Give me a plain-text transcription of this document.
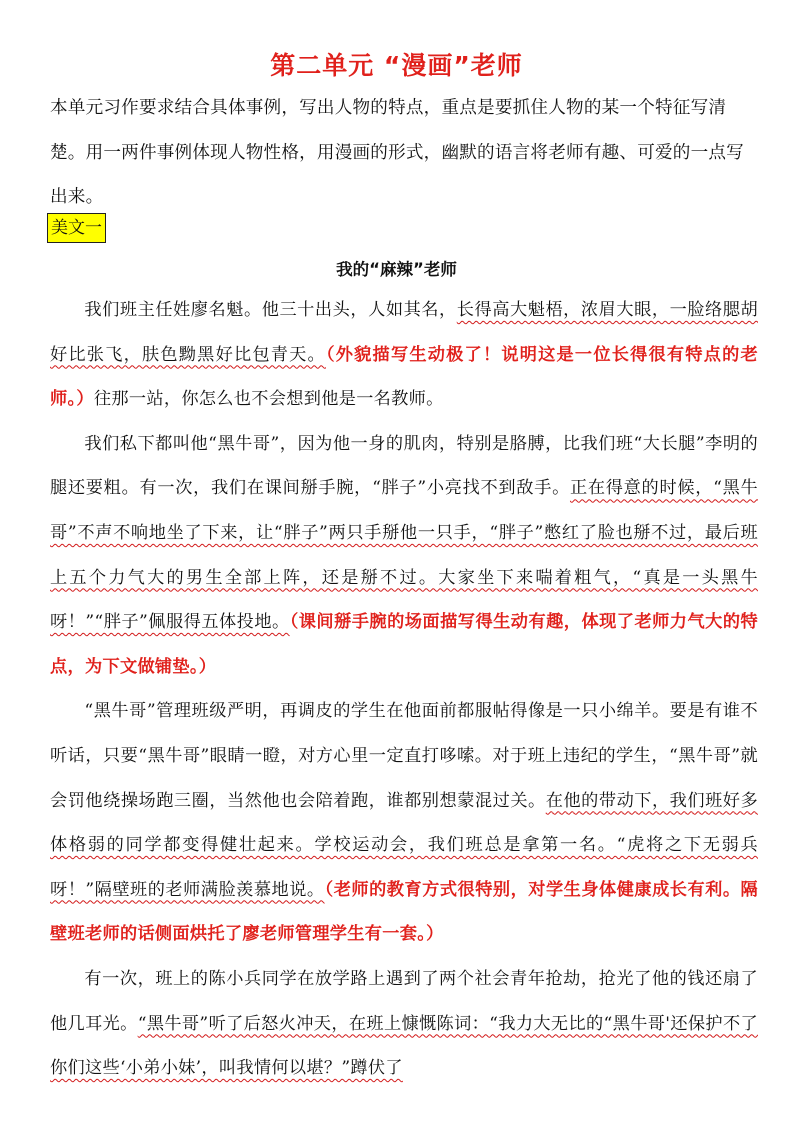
第二单元 “漫画”老师
本单元习作要求结合具体事例，写出人物的特点，重点是要抓住人物的某一个特征写清楚。用一两件事例体现人物性格，用漫画的形式，幽默的语言将老师有趣、可爱的一点写出来。
美文一
我的“麻辣”老师

我们班主任姓廖名魁。他三十出头，人如其名，长得高大魁梧，浓眉大眼，一脸络腮胡好比张飞，肤色黝黑好比包青天。（外貌描写生动极了！说明这是一位长得很有特点的老师。）往那一站，你怎么也不会想到他是一名教师。

我们私下都叫他“黑牛哥”，因为他一身的肌肉，特别是胳膊，比我们班“大长腿”李明的腿还要粗。有一次，我们在课间掰手腕，“胖子”小亮找不到敌手。正在得意的时候，“黑牛哥”不声不响地坐了下来，让“胖子”两只手掰他一只手，“胖子”憋红了脸也掰不过，最后班上五个力气大的男生全部上阵，还是掰不过。大家坐下来喘着粗气，“真是一头黑牛呀！”“胖子”佩服得五体投地。（课间掰手腕的场面描写得生动有趣，体现了老师力气大的特点，为下文做铺垫。）

“黑牛哥”管理班级严明，再调皮的学生在他面前都服帖得像是一只小绵羊。要是有谁不听话，只要“黑牛哥”眼睛一瞪，对方心里一定直打哆嗦。对于班上违纪的学生，“黑牛哥”就会罚他绕操场跑三圈，当然他也会陪着跑，谁都别想蒙混过关。在他的带动下，我们班好多体格弱的同学都变得健壮起来。学校运动会，我们班总是拿第一名。“虎将之下无弱兵呀！”隔壁班的老师满脸羡慕地说。（老师的教育方式很特别，对学生身体健康成长有利。隔壁班老师的话侧面烘托了廖老师管理学生有一套。）

有一次，班上的陈小兵同学在放学路上遇到了两个社会青年抢劫，抢光了他的钱还扇了他几耳光。“黑牛哥”听了后怒火冲天，在班上慷慨陈词：“我力大无比的“黑牛哥'还保护不了你们这些‘小弟小妹’，叫我情何以堪？”蹲伏了
